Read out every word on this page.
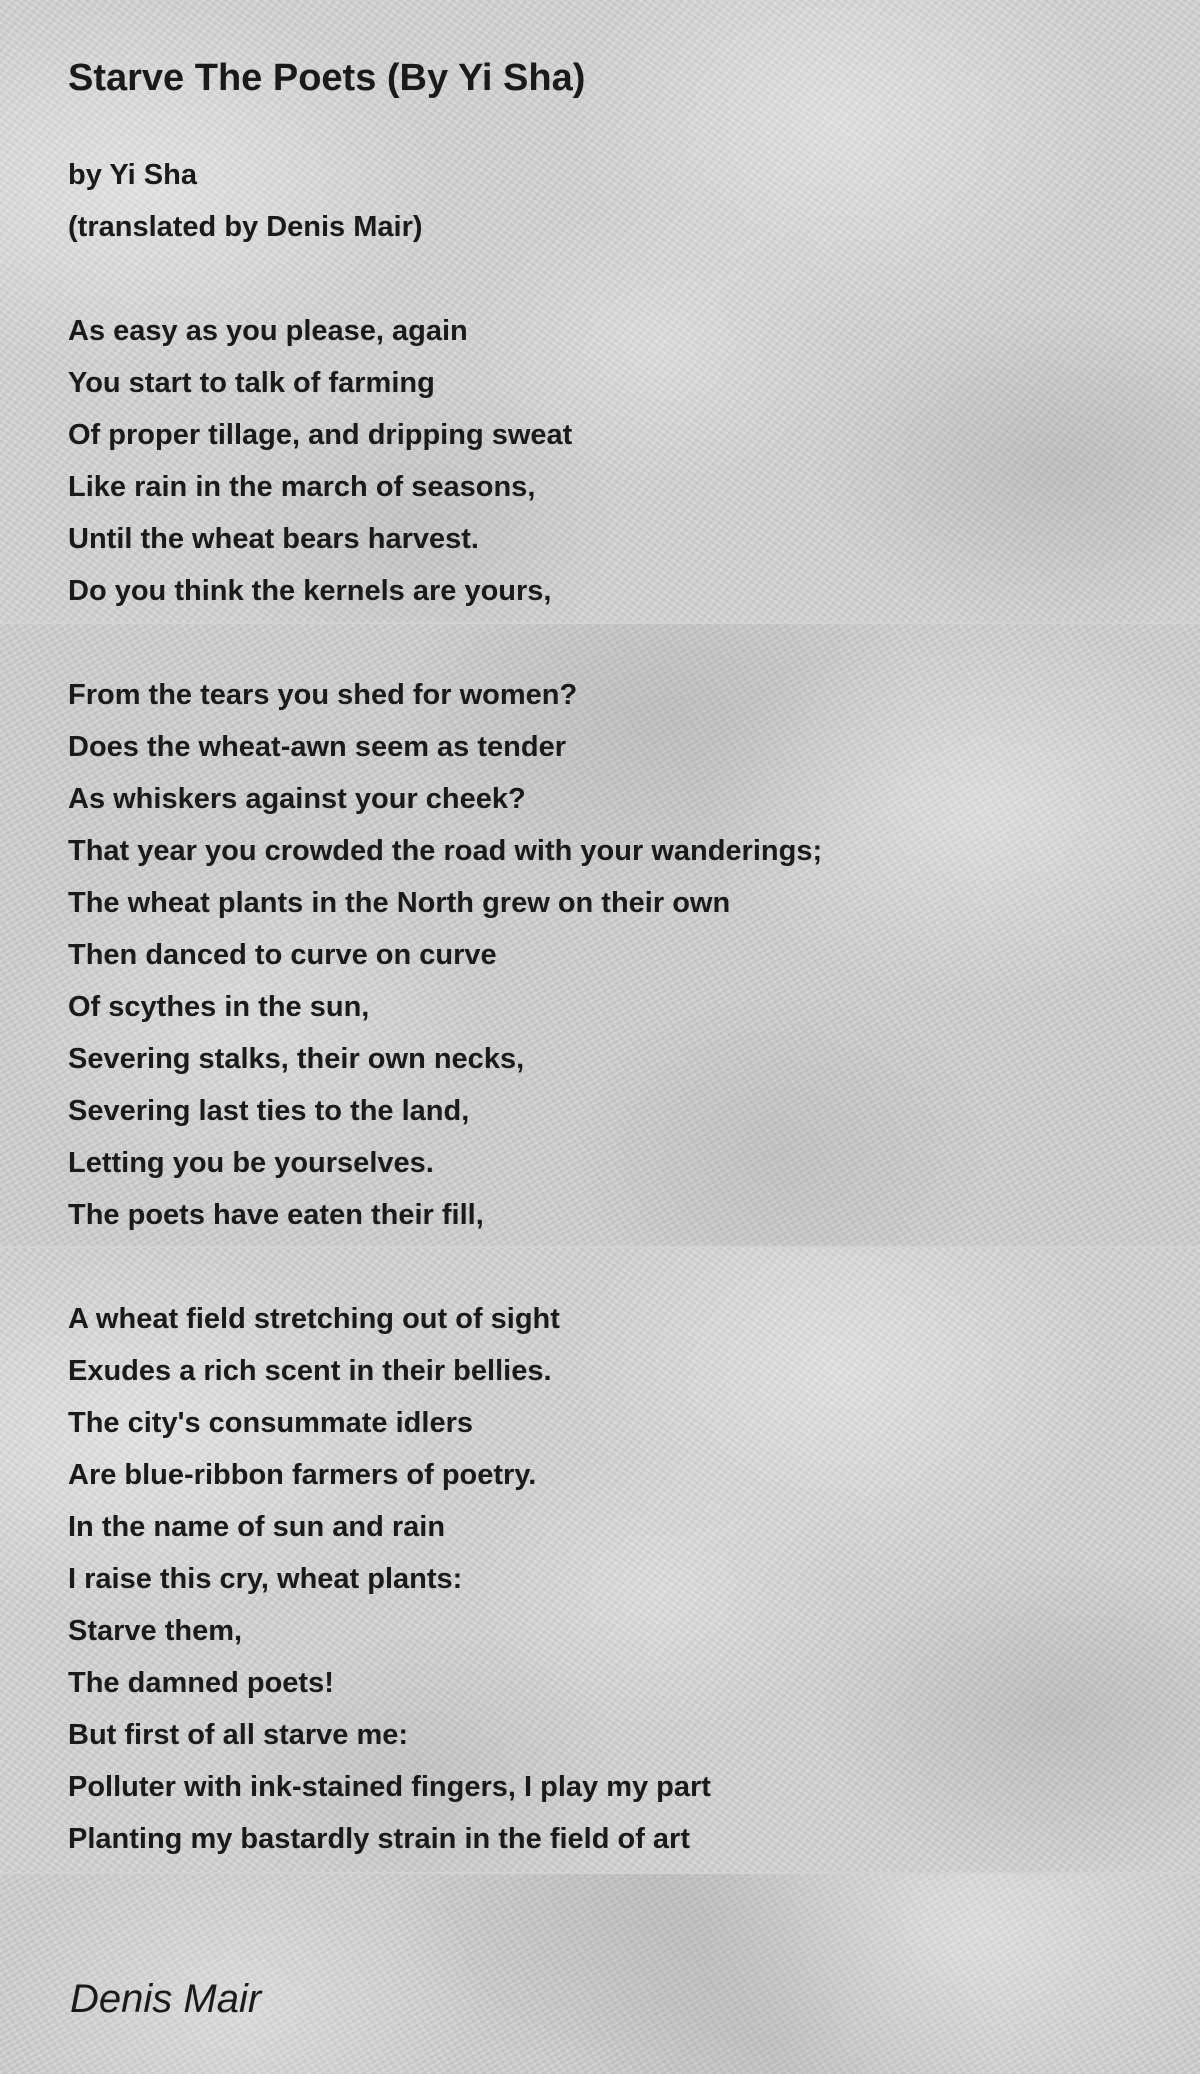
Starve The Poets (By Yi Sha)
by Yi Sha
(translated by Denis Mair)
As easy as you please, again
You start to talk of farming
Of proper tillage, and dripping sweat
Like rain in the march of seasons,
Until the wheat bears harvest.
Do you think the kernels are yours,
From the tears you shed for women?
Does the wheat-awn seem as tender
As whiskers against your cheek?
That year you crowded the road with your wanderings;
The wheat plants in the North grew on their own
Then danced to curve on curve
Of scythes in the sun,
Severing stalks, their own necks,
Severing last ties to the land,
Letting you be yourselves.
The poets have eaten their fill,
A wheat field stretching out of sight
Exudes a rich scent in their bellies.
The city's consummate idlers
Are blue-ribbon farmers of poetry.
In the name of sun and rain
I raise this cry, wheat plants:
Starve them,
The damned poets!
But first of all starve me:
Polluter with ink-stained fingers, I play my part
Planting my bastardly strain in the field of art
Denis Mair
